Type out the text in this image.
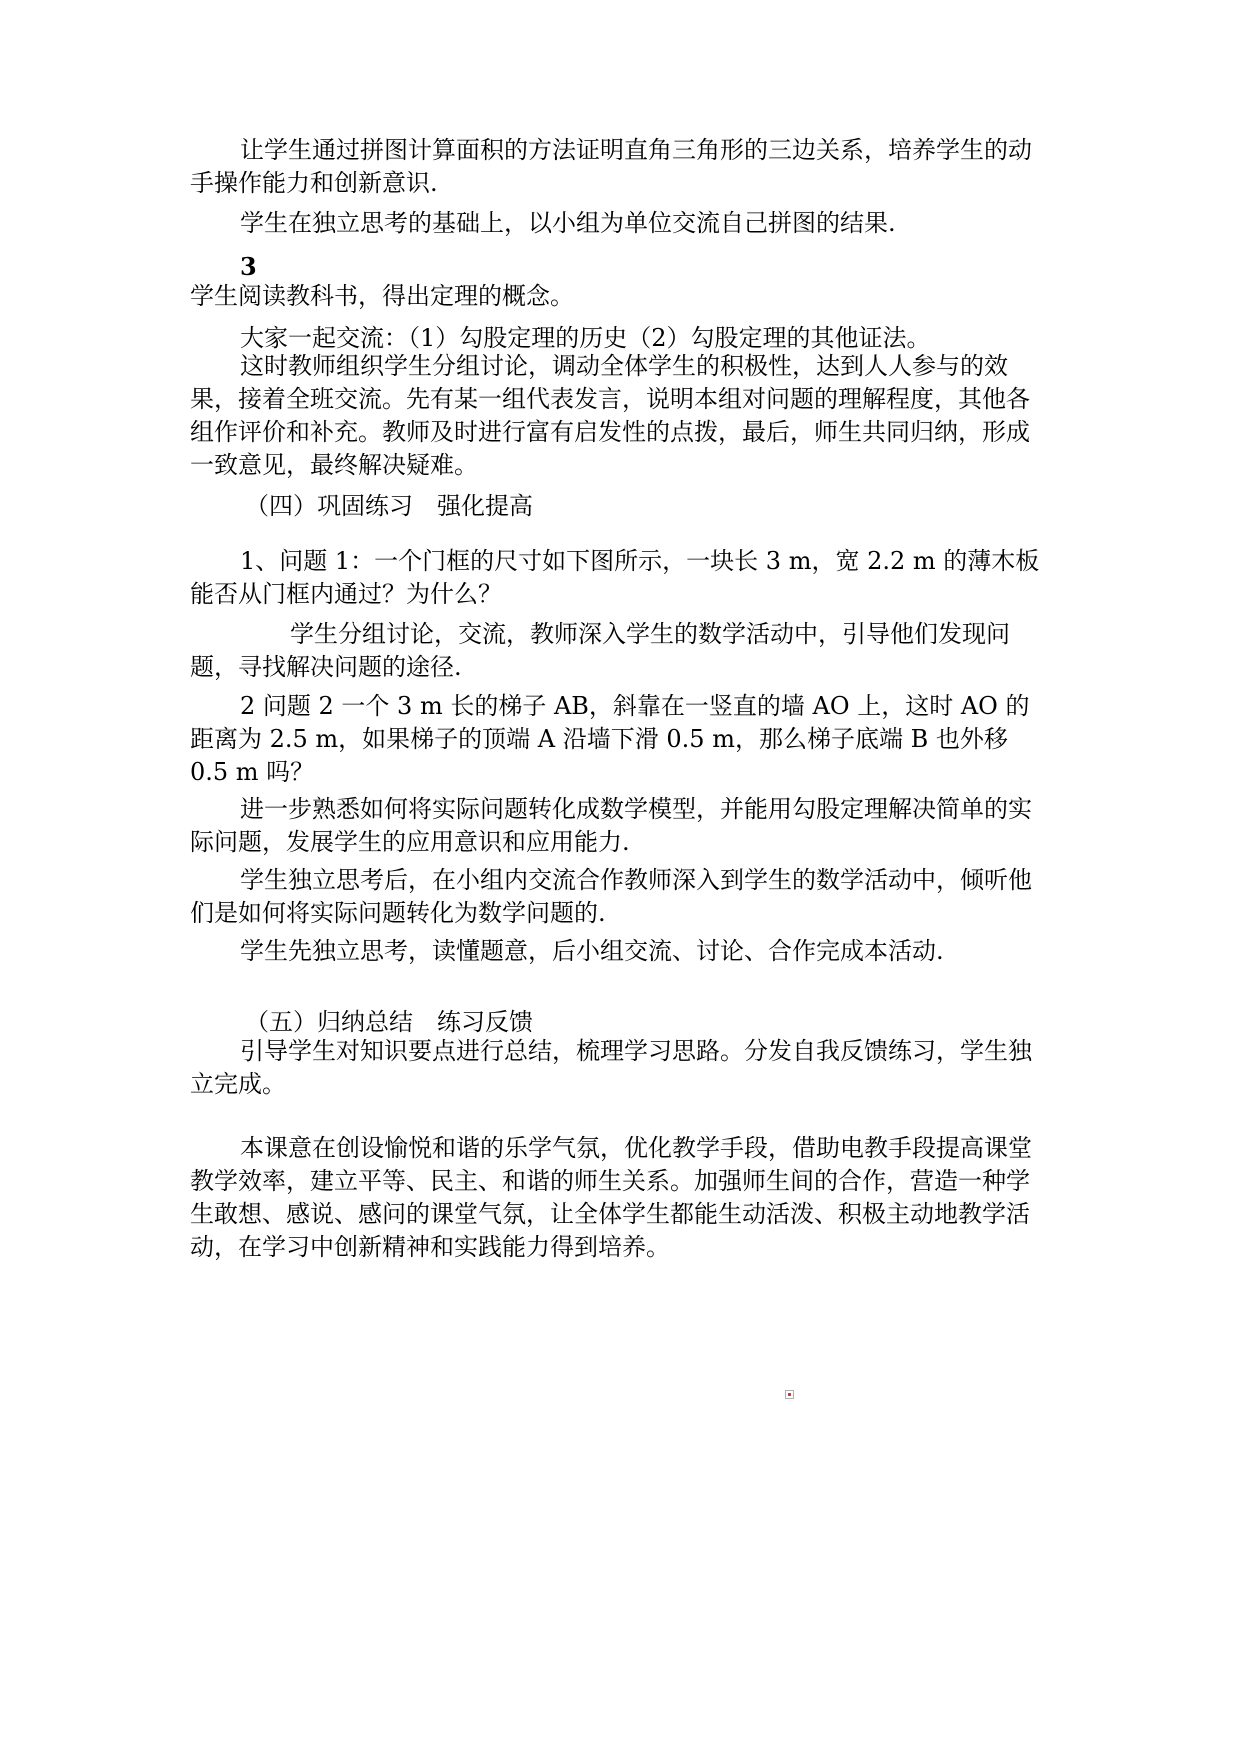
让学生通过拼图计算面积的方法证明直角三角形的三边关系，培养学生的动手操作能力和创新意识.

学生在独立思考的基础上，以小组为单位交流自己拼图的结果.

3

学生阅读教科书，得出定理的概念。

大家一起交流：（1）勾股定理的历史（2）勾股定理的其他证法。

这时教师组织学生分组讨论，调动全体学生的积极性，达到人人参与的效果，接着全班交流。先有某一组代表发言，说明本组对问题的理解程度，其他各组作评价和补充。教师及时进行富有启发性的点拨，最后，师生共同归纳，形成一致意见，最终解决疑难。

（四）巩固练习　强化提高

1、问题 1：一个门框的尺寸如下图所示，一块长 3 m，宽 2.2 m 的薄木板能否从门框内通过？为什么？

学生分组讨论，交流，教师深入学生的数学活动中，引导他们发现问题，寻找解决问题的途径.

2 问题 2 一个 3 m 长的梯子 AB，斜靠在一竖直的墙 AO 上，这时 AO 的距离为 2.5 m，如果梯子的顶端 A 沿墙下滑 0.5 m，那么梯子底端 B 也外移 0.5 m 吗？

进一步熟悉如何将实际问题转化成数学模型，并能用勾股定理解决简单的实际问题，发展学生的应用意识和应用能力.

学生独立思考后，在小组内交流合作教师深入到学生的数学活动中，倾听他们是如何将实际问题转化为数学问题的.

学生先独立思考，读懂题意，后小组交流、讨论、合作完成本活动.

（五）归纳总结　练习反馈

引导学生对知识要点进行总结，梳理学习思路。分发自我反馈练习，学生独立完成。

本课意在创设愉悦和谐的乐学气氛，优化教学手段，借助电教手段提高课堂教学效率，建立平等、民主、和谐的师生关系。加强师生间的合作，营造一种学生敢想、感说、感问的课堂气氛，让全体学生都能生动活泼、积极主动地教学活动，在学习中创新精神和实践能力得到培养。
